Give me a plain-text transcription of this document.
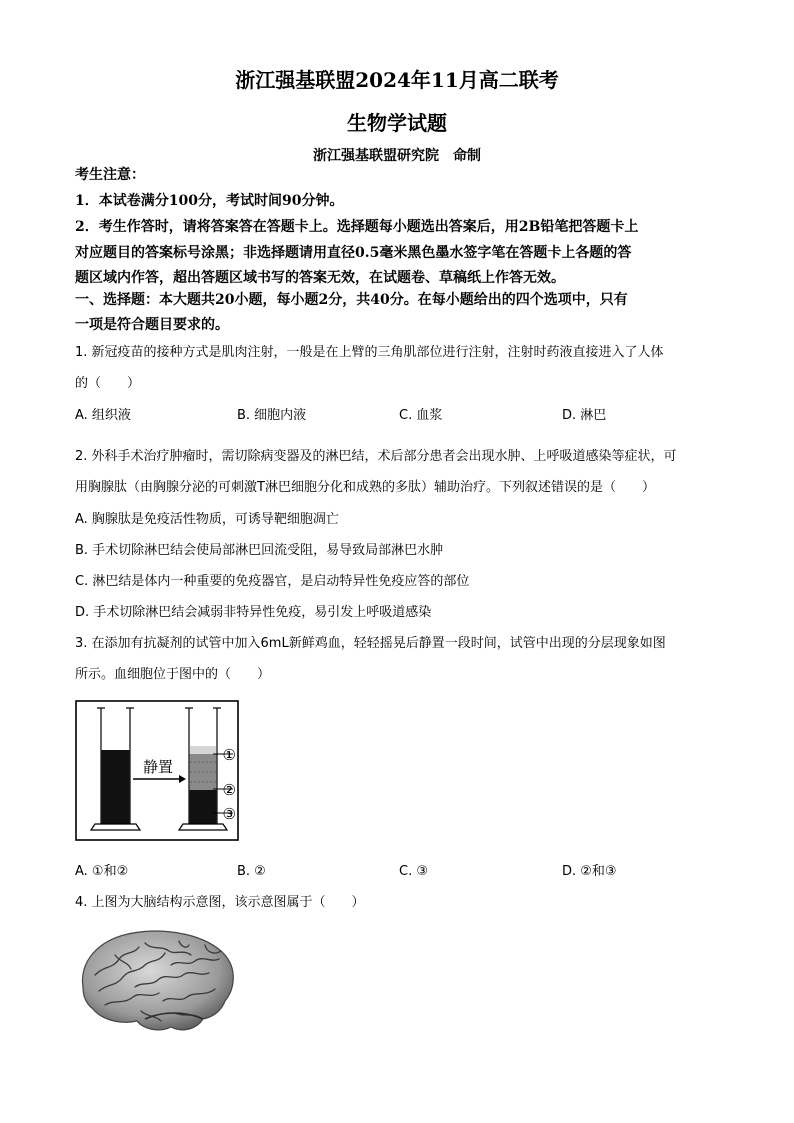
浙江强基联盟2024年11月高二联考
生物学试题
浙江强基联盟研究院　命制
考生注意：
1．本试卷满分100分，考试时间90分钟。
2．考生作答时，请将答案答在答题卡上。选择题每小题选出答案后，用2B铅笔把答题卡上
对应题目的答案标号涂黑；非选择题请用直径0.5毫米黑色墨水签字笔在答题卡上各题的答
题区域内作答，超出答题区域书写的答案无效，在试题卷、草稿纸上作答无效。
一、选择题：本大题共20小题，每小题2分，共40分。在每小题给出的四个选项中，只有
一项是符合题目要求的。
1. 新冠疫苗的接种方式是肌肉注射，一般是在上臂的三角肌部位进行注射，注射时药液直接进入了人体
的（　　）
A. 组织液	B. 细胞内液	C. 血浆	D. 淋巴
2. 外科手术治疗肿瘤时，需切除病变器及的淋巴结，术后部分患者会出现水肿、上呼吸道感染等症状，可
用胸腺肽（由胸腺分泌的可刺激T淋巴细胞分化和成熟的多肽）辅助治疗。下列叙述错误的是（　　）
A. 胸腺肽是免疫活性物质，可诱导靶细胞凋亡
B. 手术切除淋巴结会使局部淋巴回流受阻，易导致局部淋巴水肿
C. 淋巴结是体内一种重要的免疫器官，是启动特异性免疫应答的部位
D. 手术切除淋巴结会减弱非特异性免疫，易引发上呼吸道感染
3. 在添加有抗凝剂的试管中加入6mL新鲜鸡血，轻轻摇晃后静置一段时间，试管中出现的分层现象如图
所示。血细胞位于图中的（　　）
静置
①
②
③
A. ①和②	B. ②	C. ③	D. ②和③
4. 上图为大脑结构示意图，该示意图属于（　　）
